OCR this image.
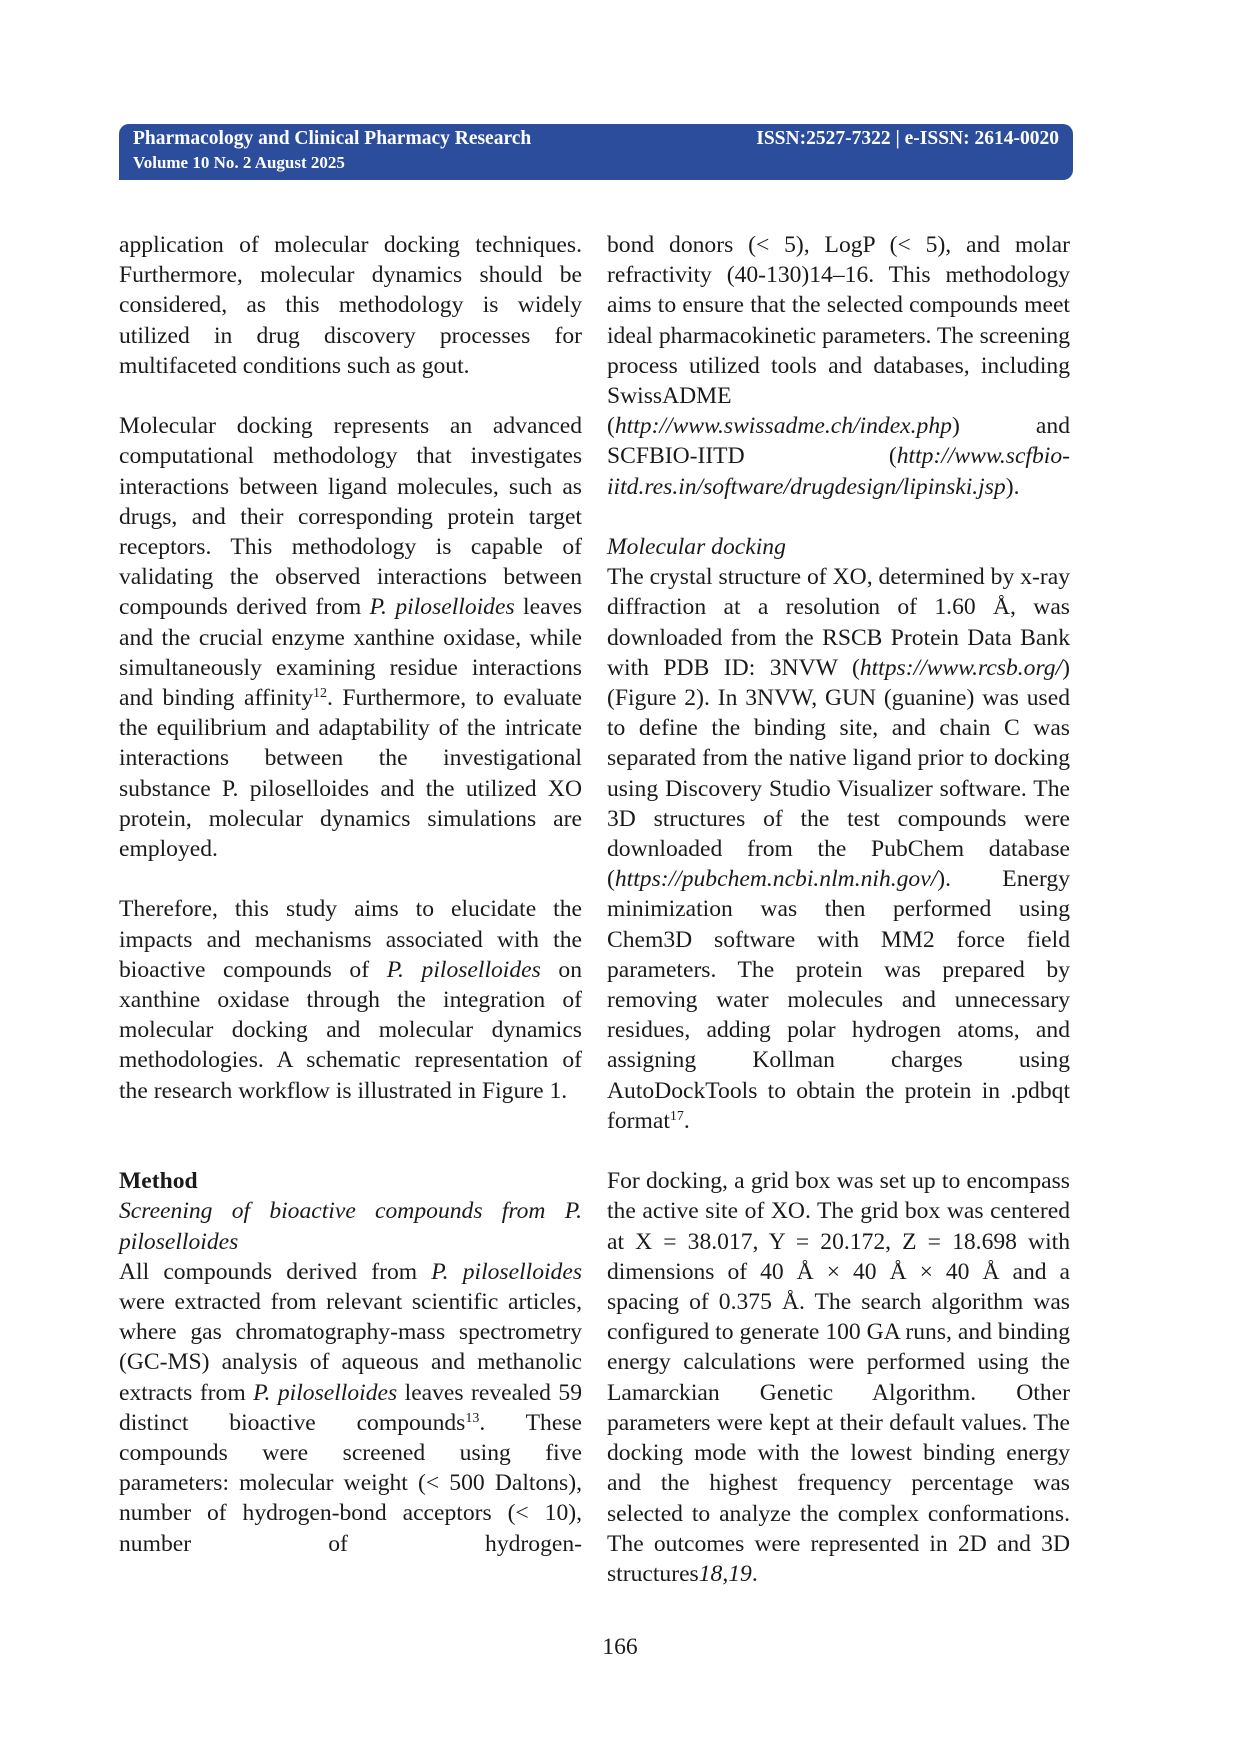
Pharmacology and Clinical Pharmacy Research
Volume 10 No. 2 August 2025
ISSN:2527-7322 | e-ISSN: 2614-0020

application of molecular docking techniques. Furthermore, molecular dynamics should be considered, as this methodology is widely utilized in drug discovery processes for multifaceted conditions such as gout.

Molecular docking represents an advanced computational methodology that investigates interactions between ligand molecules, such as drugs, and their corresponding protein target receptors. This methodology is capable of validating the observed interactions between compounds derived from P. piloselloides leaves and the crucial enzyme xanthine oxidase, while simultaneously examining residue interactions and binding affinity$^{12}$. Furthermore, to evaluate the equilibrium and adaptability of the intricate interactions between the investigational substance P. piloselloides and the utilized XO protein, molecular dynamics simulations are employed.

Therefore, this study aims to elucidate the impacts and mechanisms associated with the bioactive compounds of P. piloselloides on xanthine oxidase through the integration of molecular docking and molecular dynamics methodologies. A schematic representation of the research workflow is illustrated in Figure 1.

Method

Screening of bioactive compounds from P. piloselloides

All compounds derived from P. piloselloides were extracted from relevant scientific articles, where gas chromatography-mass spectrometry (GC-MS) analysis of aqueous and methanolic extracts from P. piloselloides leaves revealed 59 distinct bioactive compounds$^{13}$. These compounds were screened using five parameters: molecular weight (< 500 Daltons), number of hydrogen-bond acceptors (< 10), number of hydrogen-

bond donors (< 5), LogP (< 5), and molar refractivity (40-130)14–16. This methodology aims to ensure that the selected compounds meet ideal pharmacokinetic parameters. The screening process utilized tools and databases, including SwissADME (http://www.swissadme.ch/index.php) and SCFBIO-IITD (http://www.scfbio-iitd.res.in/software/drugdesign/lipinski.jsp).

Molecular docking

The crystal structure of XO, determined by x-ray diffraction at a resolution of 1.60 Å, was downloaded from the RSCB Protein Data Bank with PDB ID: 3NVW (https://www.rcsb.org/) (Figure 2). In 3NVW, GUN (guanine) was used to define the binding site, and chain C was separated from the native ligand prior to docking using Discovery Studio Visualizer software. The 3D structures of the test compounds were downloaded from the PubChem database (https://pubchem.ncbi.nlm.nih.gov/). Energy minimization was then performed using Chem3D software with MM2 force field parameters. The protein was prepared by removing water molecules and unnecessary residues, adding polar hydrogen atoms, and assigning Kollman charges using AutoDockTools to obtain the protein in .pdbqt format$^{17}$.

For docking, a grid box was set up to encompass the active site of XO. The grid box was centered at X = 38.017, Y = 20.172, Z = 18.698 with dimensions of 40 Å × 40 Å × 40 Å and a spacing of 0.375 Å. The search algorithm was configured to generate 100 GA runs, and binding energy calculations were performed using the Lamarckian Genetic Algorithm. Other parameters were kept at their default values. The docking mode with the lowest binding energy and the highest frequency percentage was selected to analyze the complex conformations. The outcomes were represented in 2D and 3D structures18,19.

166
